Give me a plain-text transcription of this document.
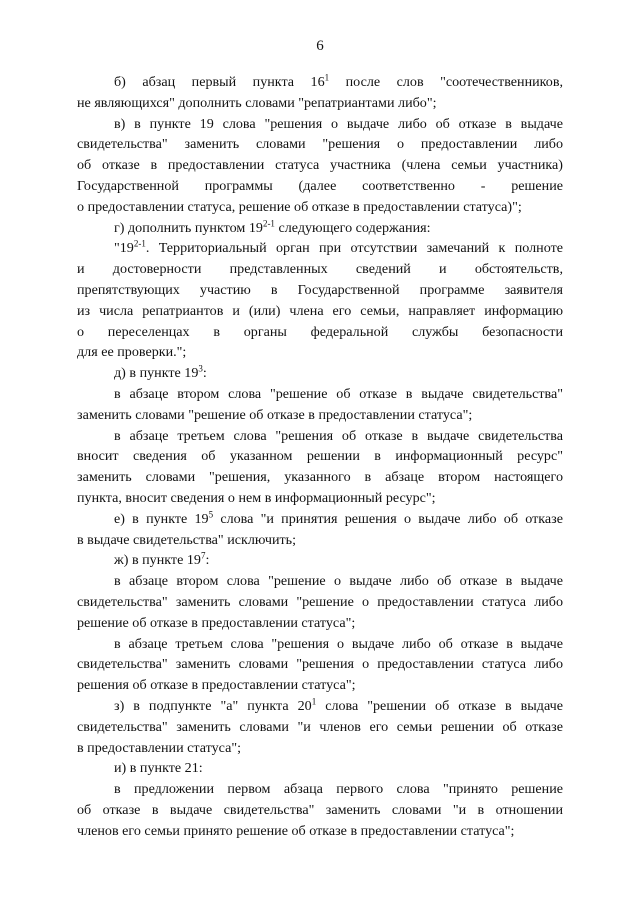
6
б) абзац первый пункта $16^1$ после слов "соотечественников,
не являющихся" дополнить словами "репатриантами либо";
в) в пункте 19 слова "решения о выдаче либо об отказе в выдаче
свидетельства" заменить словами "решения о предоставлении либо
об отказе в предоставлении статуса участника (члена семьи участника)
Государственной программы (далее соответственно - решение
о предоставлении статуса, решение об отказе в предоставлении статуса)";
г) дополнить пунктом 19$^{2-1}$ следующего содержания:
"19$^{2-1}$. Территориальный орган при отсутствии замечаний к полноте
и достоверности представленных сведений и обстоятельств,
препятствующих участию в Государственной программе заявителя
из числа репатриантов и (или) члена его семьи, направляет информацию
о переселенцах в органы федеральной службы безопасности
для ее проверки.";
д) в пункте $19^3$:
в абзаце втором слова "решение об отказе в выдаче свидетельства"
заменить словами "решение об отказе в предоставлении статуса";
в абзаце третьем слова "решения об отказе в выдаче свидетельства
вносит сведения об указанном решении в информационный ресурс"
заменить словами "решения, указанного в абзаце втором настоящего
пункта, вносит сведения о нем в информационный ресурс";
е) в пункте $19^5$ слова "и принятия решения о выдаче либо об отказе
в выдаче свидетельства" исключить;
ж) в пункте $19^7$:
в абзаце втором слова "решение о выдаче либо об отказе в выдаче
свидетельства" заменить словами "решение о предоставлении статуса либо
решение об отказе в предоставлении статуса";
в абзаце третьем слова "решения о выдаче либо об отказе в выдаче
свидетельства" заменить словами "решения о предоставлении статуса либо
решения об отказе в предоставлении статуса";
з) в подпункте "а" пункта $20^1$ слова "решении об отказе в выдаче
свидетельства" заменить словами "и членов его семьи решении об отказе
в предоставлении статуса";
и) в пункте 21:
в предложении первом абзаца первого слова "принято решение
об отказе в выдаче свидетельства" заменить словами "и в отношении
членов его семьи принято решение об отказе в предоставлении статуса";
